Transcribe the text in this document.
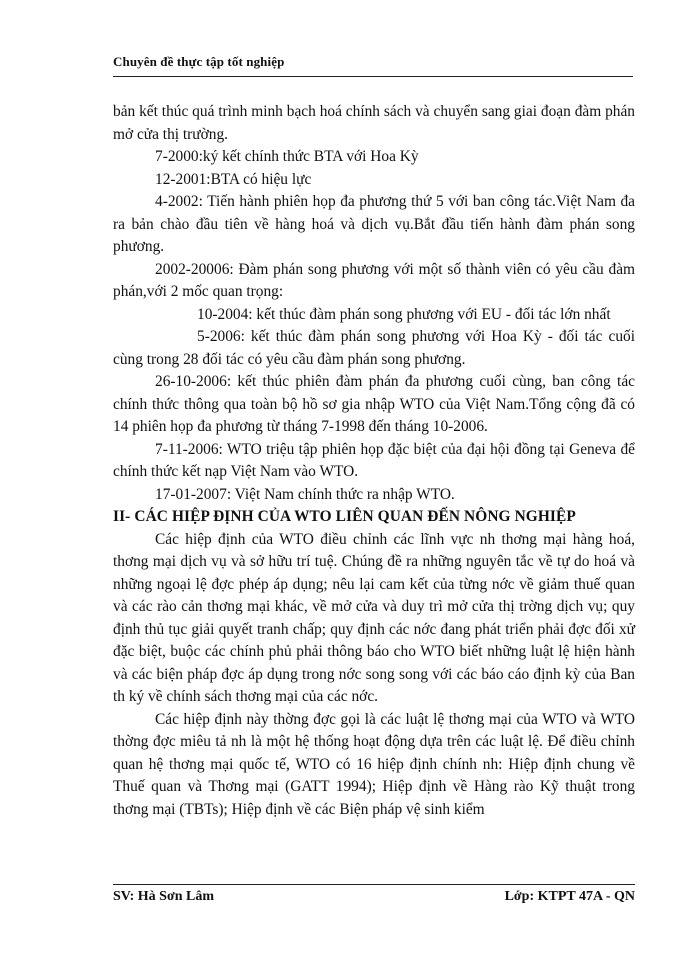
Chuyên đề thực tập tốt nghiệp

bản kết thúc quá trình minh bạch hoá chính sách và chuyển sang giai đoạn đàm phán mở cửa thị trường.

7-2000:ký kết chính thức BTA với Hoa Kỳ

12-2001:BTA có hiệu lực

4-2002: Tiến hành phiên họp đa phương thứ 5 với ban công tác.Việt Nam đa ra bản chào đầu tiên về hàng hoá và dịch vụ.Bắt đầu tiến hành đàm phán song phương.

2002-20006: Đàm phán song phương với một số thành viên có yêu cầu đàm phán,với 2 mốc quan trọng:

10-2004: kết thúc đàm phán song phương với EU - đối tác lớn nhất

5-2006: kết thúc đàm phán song phương với Hoa Kỳ - đối tác cuối cùng trong 28 đối tác có yêu cầu đàm phán song phương.

26-10-2006: kết thúc phiên đàm phán đa phương cuối cùng, ban công tác chính thức thông qua toàn bộ hồ sơ gia nhập WTO của Việt Nam.Tổng cộng đã có 14 phiên họp đa phương từ tháng 7-1998 đến tháng 10-2006.

7-11-2006: WTO triệu tập phiên họp đặc biệt của đại hội đồng tại Geneva để chính thức kết nạp Việt Nam vào WTO.

17-01-2007: Việt Nam chính thức ra nhập WTO.

II- CÁC HIỆP ĐỊNH CỦA WTO LIÊN QUAN ĐẾN NÔNG NGHIỆP

Các hiệp định của WTO điều chỉnh các lĩnh vực nh thơng mại hàng hoá, thơng mại dịch vụ và sở hữu trí tuệ. Chúng đề ra những nguyên tắc về tự do hoá và những ngoại lệ đợc phép áp dụng; nêu lại cam kết của từng nớc về giảm thuế quan và các rào cản thơng mại khác, về mở cửa và duy trì mở cửa thị trờng dịch vụ; quy định thủ tục giải quyết tranh chấp; quy định các nớc đang phát triển phải đợc đối xử đặc biệt, buộc các chính phủ phải thông báo cho WTO biết những luật lệ hiện hành và các biện pháp đợc áp dụng trong nớc song song với các báo cáo định kỳ của Ban th ký về chính sách thơng mại của các nớc.

Các hiệp định này thờng đợc gọi là các luật lệ thơng mại của WTO và WTO thờng đợc miêu tả nh là một hệ thống hoạt động dựa trên các luật lệ. Để điều chỉnh quan hệ thơng mại quốc tế, WTO có 16 hiệp định chính nh: Hiệp định chung về Thuế quan và Thơng mại (GATT 1994); Hiệp định về Hàng rào Kỹ thuật trong thơng mại (TBTs); Hiệp định về các Biện pháp vệ sinh kiểm

SV: Hà Sơn Lâm	Lớp: KTPT 47A - QN
